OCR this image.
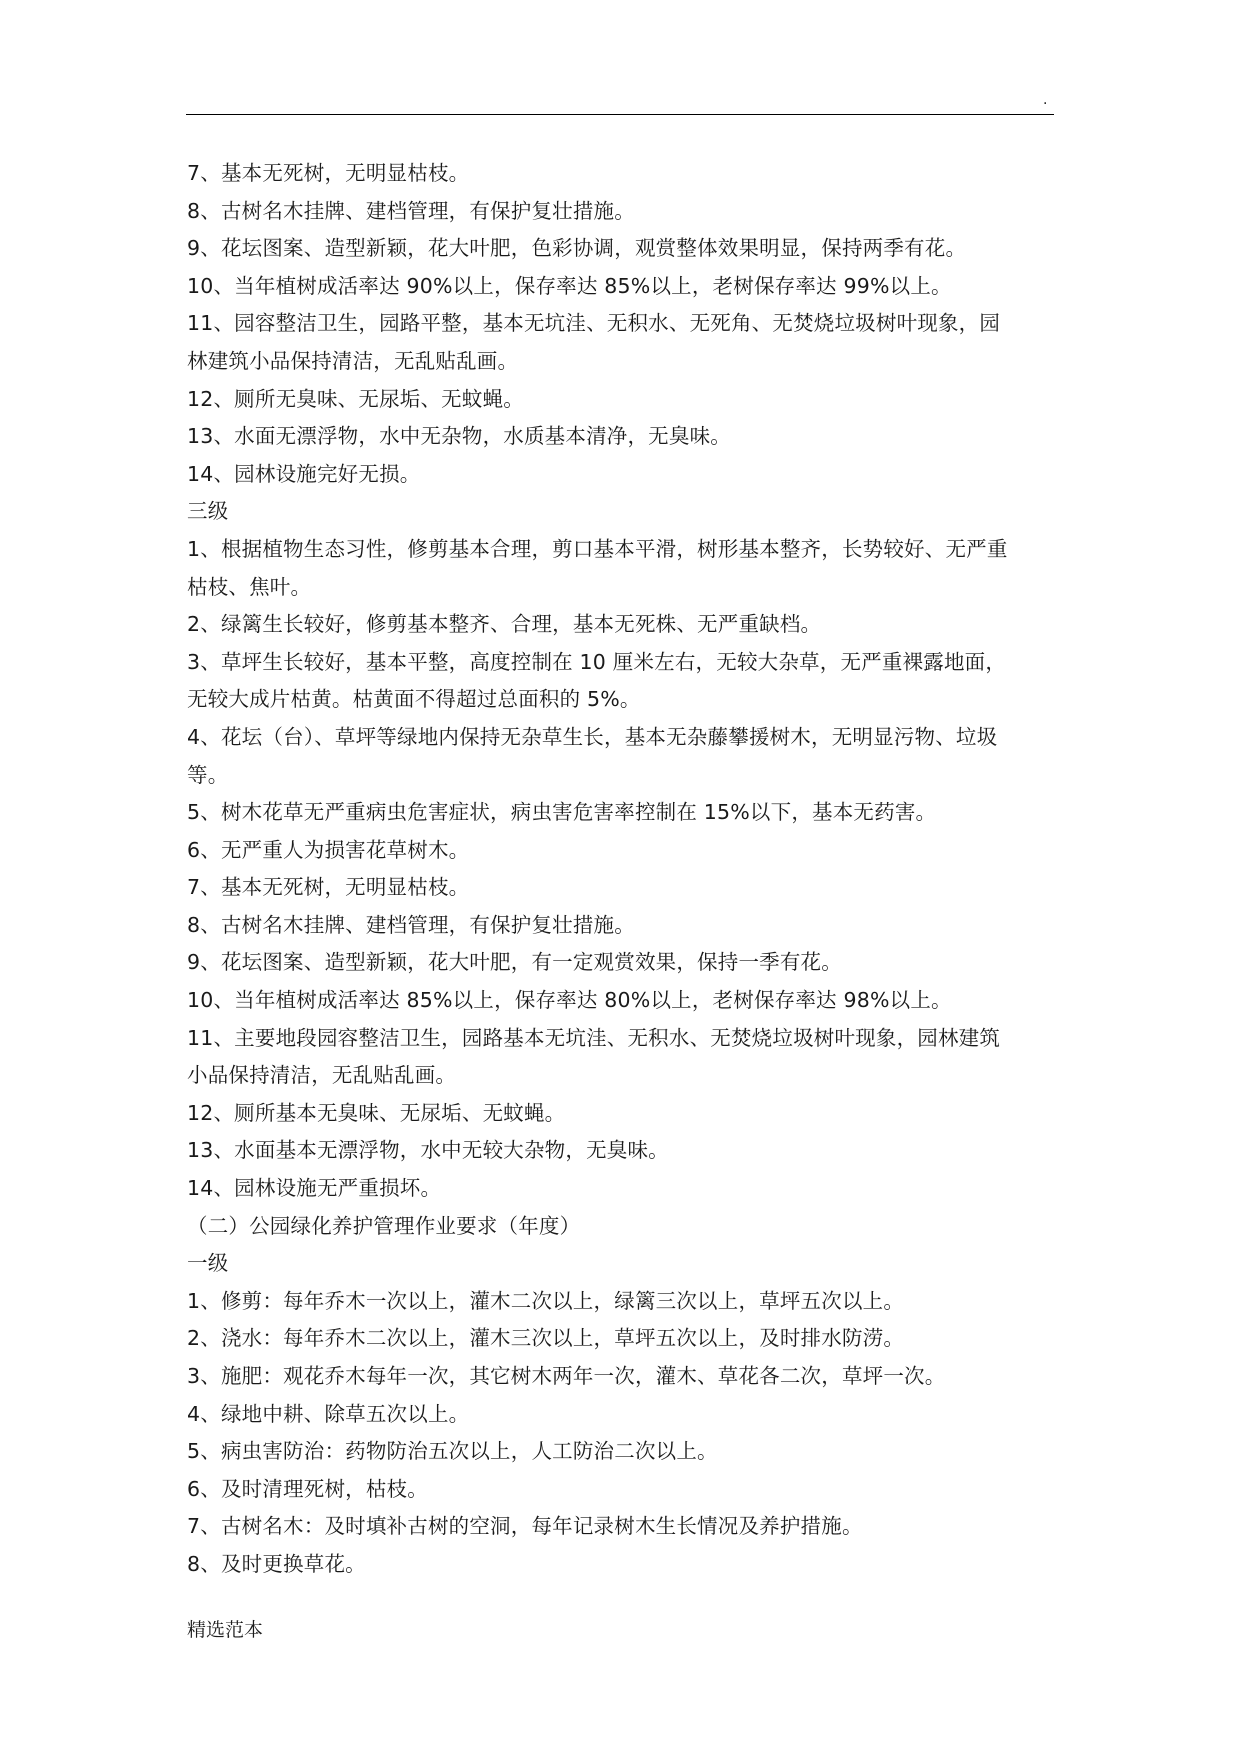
.
7、基本无死树，无明显枯枝。
8、古树名木挂牌、建档管理，有保护复壮措施。
9、花坛图案、造型新颖，花大叶肥，色彩协调，观赏整体效果明显，保持两季有花。
10、当年植树成活率达 90%以上，保存率达 85%以上，老树保存率达 99%以上。
11、园容整洁卫生，园路平整，基本无坑洼、无积水、无死角、无焚烧垃圾树叶现象，园
林建筑小品保持清洁，无乱贴乱画。
12、厕所无臭味、无尿垢、无蚊蝇。
13、水面无漂浮物，水中无杂物，水质基本清净，无臭味。
14、园林设施完好无损。
三级
1、根据植物生态习性，修剪基本合理，剪口基本平滑，树形基本整齐，长势较好、无严重
枯枝、焦叶。
2、绿篱生长较好，修剪基本整齐、合理，基本无死株、无严重缺档。
3、草坪生长较好，基本平整，高度控制在 10 厘米左右，无较大杂草，无严重裸露地面，
无较大成片枯黄。枯黄面不得超过总面积的 5%。
4、花坛（台）、草坪等绿地内保持无杂草生长，基本无杂藤攀援树木，无明显污物、垃圾
等。
5、树木花草无严重病虫危害症状，病虫害危害率控制在 15%以下，基本无药害。
6、无严重人为损害花草树木。
7、基本无死树，无明显枯枝。
8、古树名木挂牌、建档管理，有保护复壮措施。
9、花坛图案、造型新颖，花大叶肥，有一定观赏效果，保持一季有花。
10、当年植树成活率达 85%以上，保存率达 80%以上，老树保存率达 98%以上。
11、主要地段园容整洁卫生，园路基本无坑洼、无积水、无焚烧垃圾树叶现象，园林建筑
小品保持清洁，无乱贴乱画。
12、厕所基本无臭味、无尿垢、无蚊蝇。
13、水面基本无漂浮物，水中无较大杂物，无臭味。
14、园林设施无严重损坏。
（二）公园绿化养护管理作业要求（年度）
一级
1、修剪：每年乔木一次以上，灌木二次以上，绿篱三次以上，草坪五次以上。
2、浇水：每年乔木二次以上，灌木三次以上，草坪五次以上，及时排水防涝。
3、施肥：观花乔木每年一次，其它树木两年一次，灌木、草花各二次，草坪一次。
4、绿地中耕、除草五次以上。
5、病虫害防治：药物防治五次以上，人工防治二次以上。
6、及时清理死树，枯枝。
7、古树名木：及时填补古树的空洞，每年记录树木生长情况及养护措施。
8、及时更换草花。
精选范本
